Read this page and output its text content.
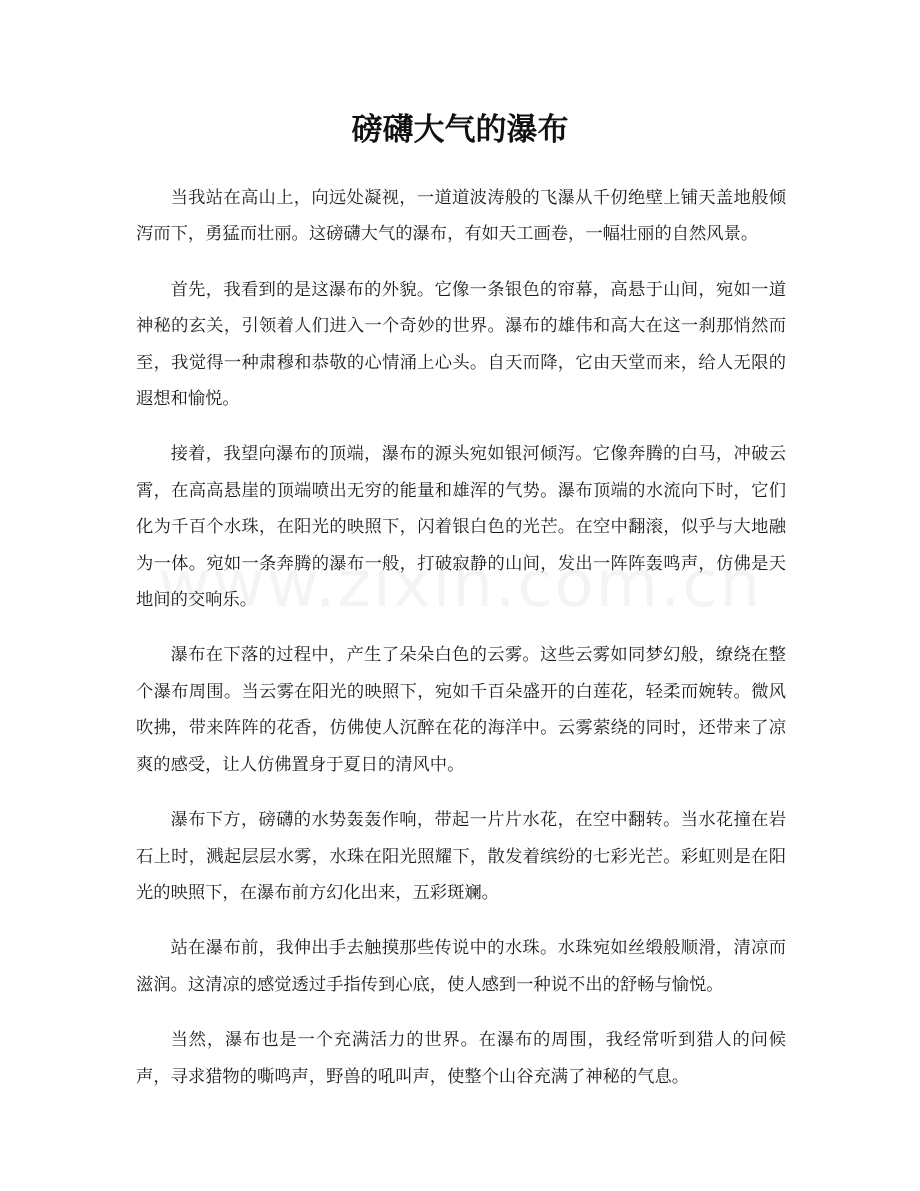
磅礴大气的瀑布

当我站在高山上，向远处凝视，一道道波涛般的飞瀑从千仞绝壁上铺天盖地般倾泻而下，勇猛而壮丽。这磅礴大气的瀑布，有如天工画卷，一幅壮丽的自然风景。

首先，我看到的是这瀑布的外貌。它像一条银色的帘幕，高悬于山间，宛如一道神秘的玄关，引领着人们进入一个奇妙的世界。瀑布的雄伟和高大在这一刹那悄然而至，我觉得一种肃穆和恭敬的心情涌上心头。自天而降，它由天堂而来，给人无限的遐想和愉悦。

接着，我望向瀑布的顶端，瀑布的源头宛如银河倾泻。它像奔腾的白马，冲破云霄，在高高悬崖的顶端喷出无穷的能量和雄浑的气势。瀑布顶端的水流向下时，它们化为千百个水珠，在阳光的映照下，闪着银白色的光芒。在空中翻滚，似乎与大地融为一体。宛如一条奔腾的瀑布一般，打破寂静的山间，发出一阵阵轰鸣声，仿佛是天地间的交响乐。

瀑布在下落的过程中，产生了朵朵白色的云雾。这些云雾如同梦幻般，缭绕在整个瀑布周围。当云雾在阳光的映照下，宛如千百朵盛开的白莲花，轻柔而婉转。微风吹拂，带来阵阵的花香，仿佛使人沉醉在花的海洋中。云雾萦绕的同时，还带来了凉爽的感受，让人仿佛置身于夏日的清风中。

瀑布下方，磅礴的水势轰轰作响，带起一片片水花，在空中翻转。当水花撞在岩石上时，溅起层层水雾，水珠在阳光照耀下，散发着缤纷的七彩光芒。彩虹则是在阳光的映照下，在瀑布前方幻化出来，五彩斑斓。

站在瀑布前，我伸出手去触摸那些传说中的水珠。水珠宛如丝缎般顺滑，清凉而滋润。这清凉的感觉透过手指传到心底，使人感到一种说不出的舒畅与愉悦。

当然，瀑布也是一个充满活力的世界。在瀑布的周围，我经常听到猎人的问候声，寻求猎物的嘶鸣声，野兽的吼叫声，使整个山谷充满了神秘的气息。
